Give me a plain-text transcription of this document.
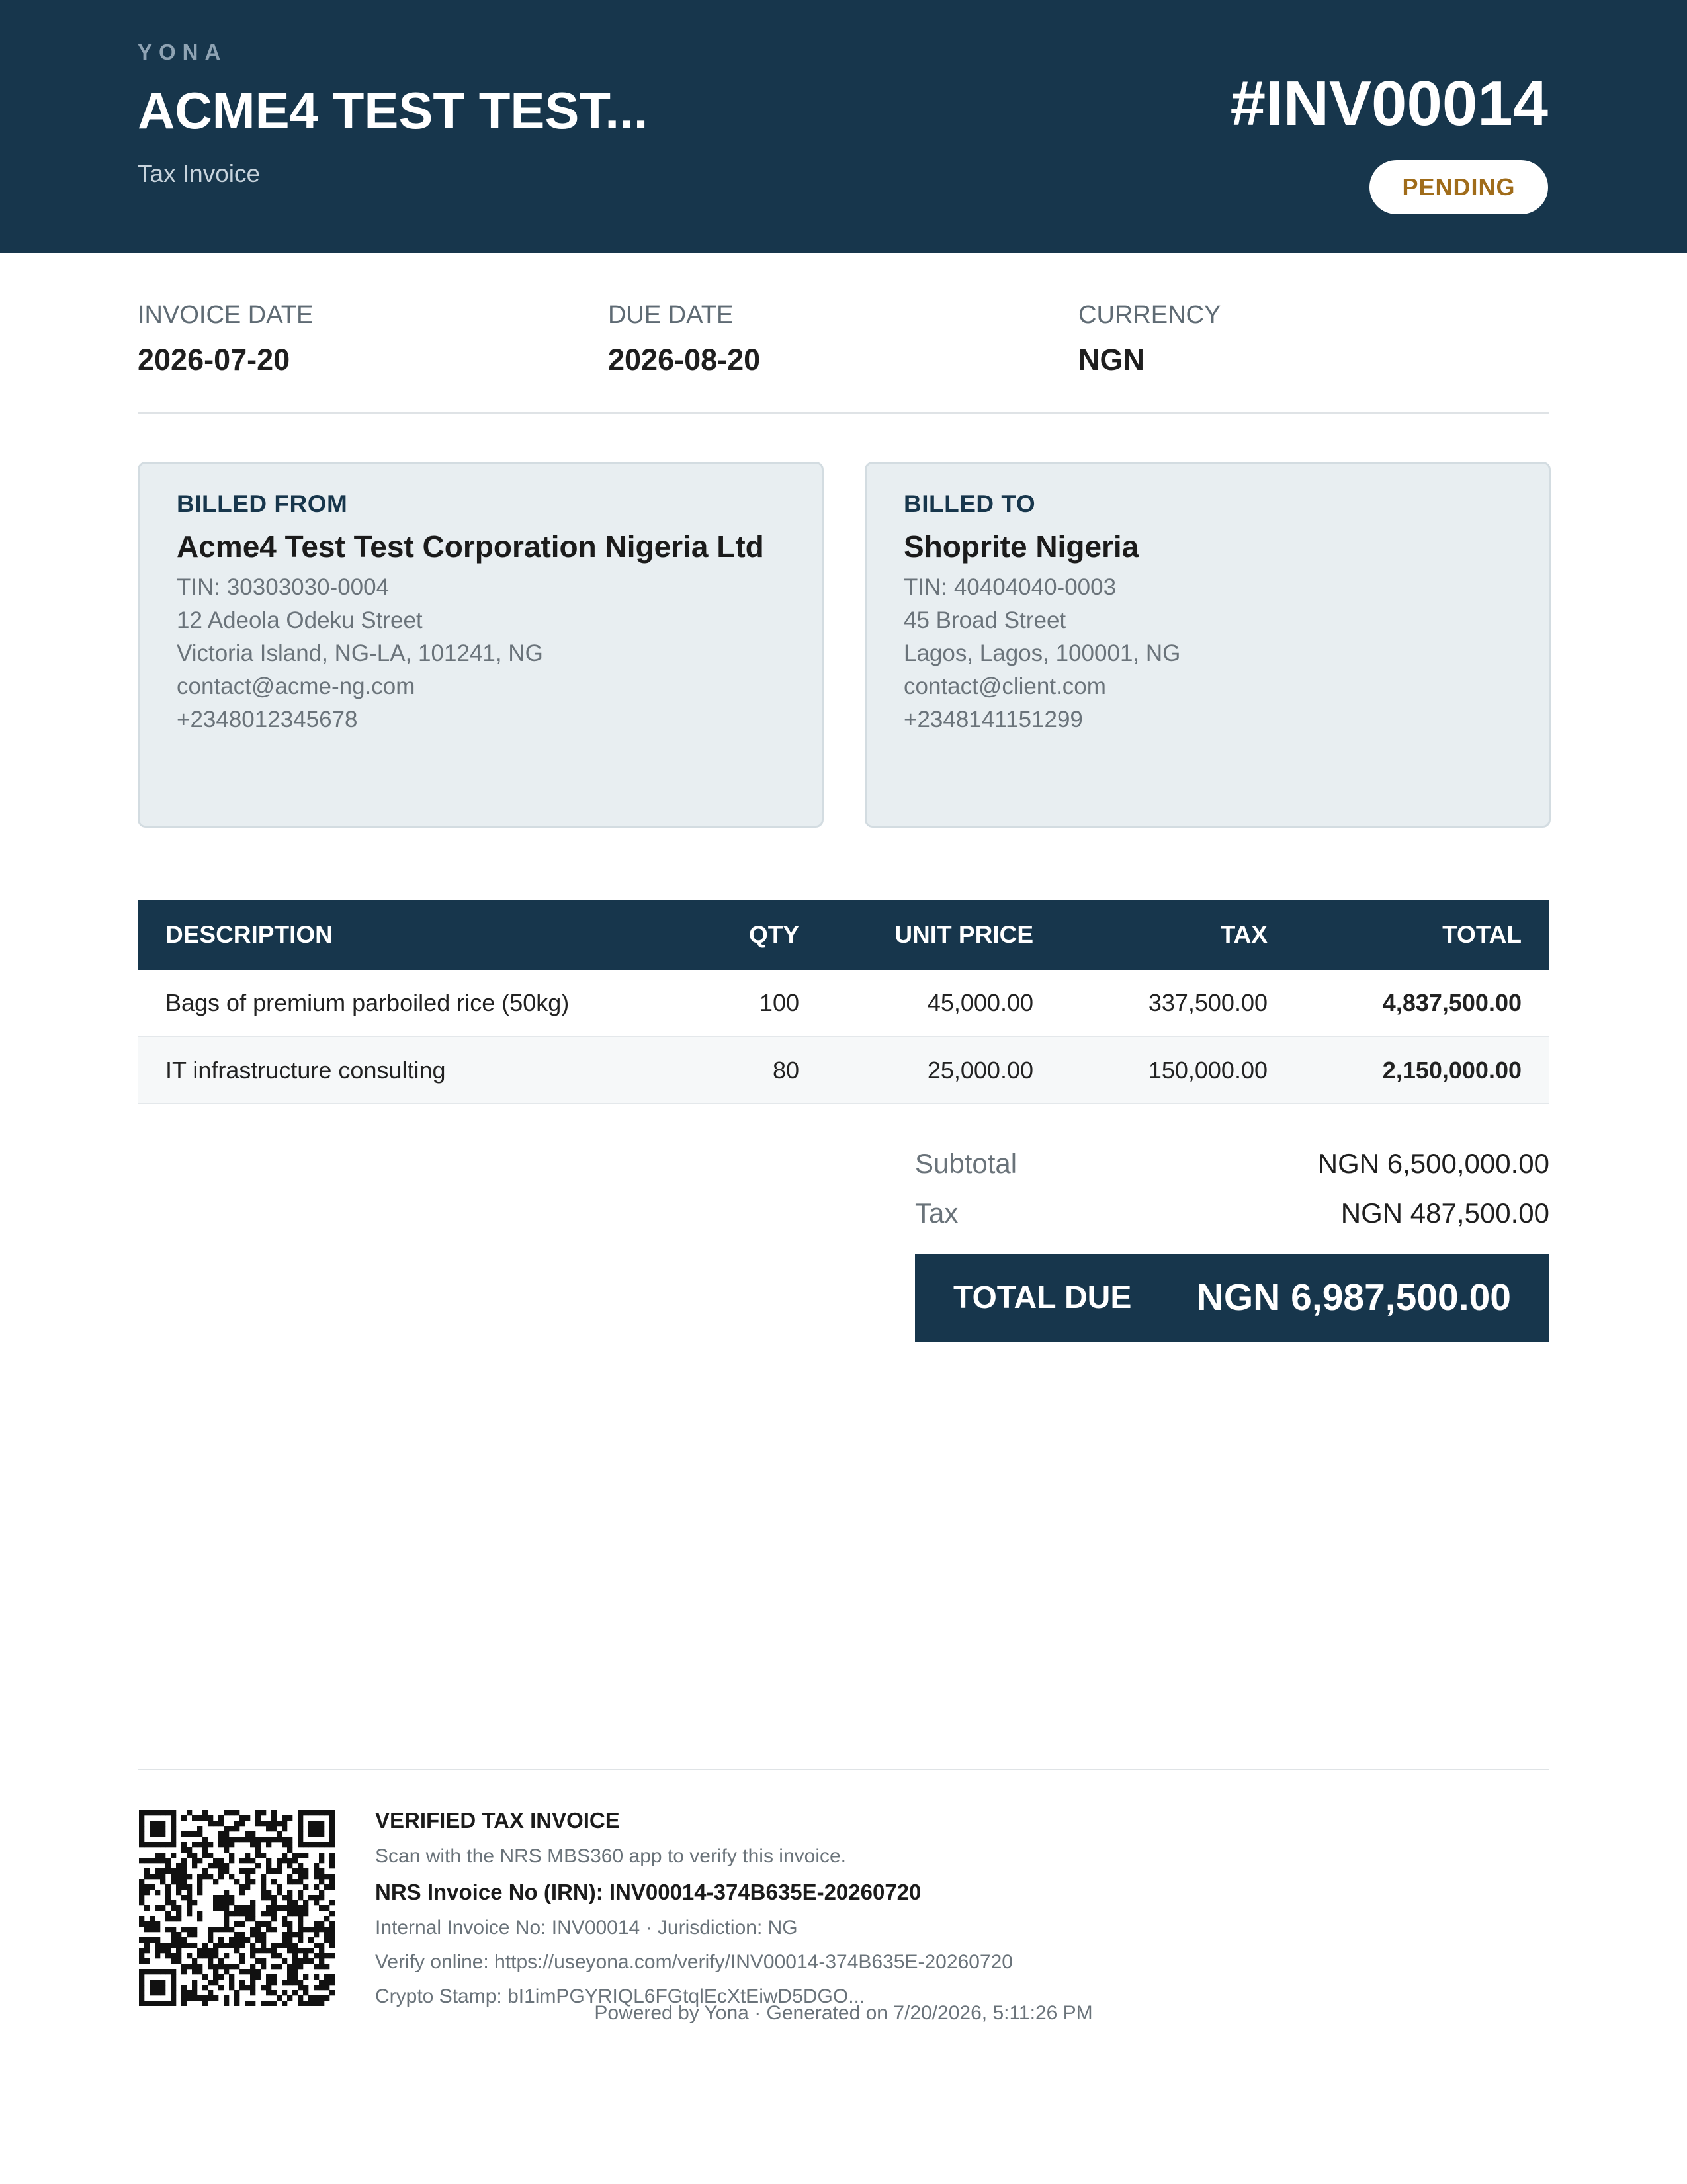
YONA
ACME4 TEST TEST...
Tax Invoice
#INV00014
PENDING
INVOICE DATE
2026-07-20
DUE DATE
2026-08-20
CURRENCY
NGN
BILLED FROM
Acme4 Test Test Corporation Nigeria Ltd
TIN: 30303030-0004
12 Adeola Odeku Street
Victoria Island, NG-LA, 101241, NG
contact@acme-ng.com
+2348012345678
BILLED TO
Shoprite Nigeria
TIN: 40404040-0003
45 Broad Street
Lagos, Lagos, 100001, NG
contact@client.com
+2348141151299
DESCRIPTION	QTY	UNIT PRICE	TAX	TOTAL
Bags of premium parboiled rice (50kg)	100	45,000.00	337,500.00	4,837,500.00
IT infrastructure consulting	80	25,000.00	150,000.00	2,150,000.00
Subtotal	NGN 6,500,000.00
Tax	NGN 487,500.00
TOTAL DUE NGN 6,987,500.00
VERIFIED TAX INVOICE
Scan with the NRS MBS360 app to verify this invoice.
NRS Invoice No (IRN): INV00014-374B635E-20260720
Internal Invoice No: INV00014 · Jurisdiction: NG
Verify online: https://useyona.com/verify/INV00014-374B635E-20260720
Crypto Stamp: bI1imPGYRIQL6FGtqlEcXtEiwD5DGO...
Powered by Yona · Generated on 7/20/2026, 5:11:26 PM
